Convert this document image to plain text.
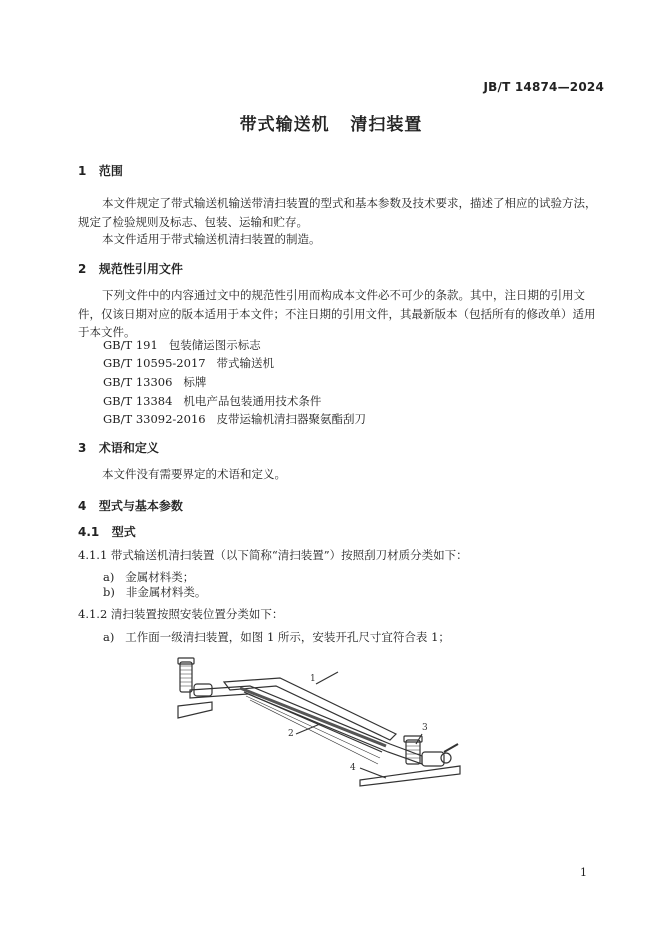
JB/T 14874—2024
带式输送机   清扫装置
1   范围
本文件规定了带式输送机输送带清扫装置的型式和基本参数及技术要求，描述了相应的试验方法，规定了检验规则及标志、包装、运输和贮存。
本文件适用于带式输送机清扫装置的制造。
2   规范性引用文件
下列文件中的内容通过文中的规范性引用而构成本文件必不可少的条款。其中，注日期的引用文件，仅该日期对应的版本适用于本文件；不注日期的引用文件，其最新版本（包括所有的修改单）适用于本文件。
GB/T 191   包装储运图示标志
GB/T 10595-2017   带式输送机
GB/T 13306   标牌
GB/T 13384   机电产品包装通用技术条件
GB/T 33092-2016   皮带运输机清扫器聚氨酯刮刀
3   术语和定义
本文件没有需要界定的术语和定义。
4   型式与基本参数
4.1   型式
4.1.1 带式输送机清扫装置（以下简称“清扫装置”）按照刮刀材质分类如下：
a)   金属材料类；
b)   非金属材料类。
4.1.2 清扫装置按照安装位置分类如下：
a)   工作面一级清扫装置，如图 1 所示，安装开孔尺寸宜符合表 1；
1
2
3
4
1
